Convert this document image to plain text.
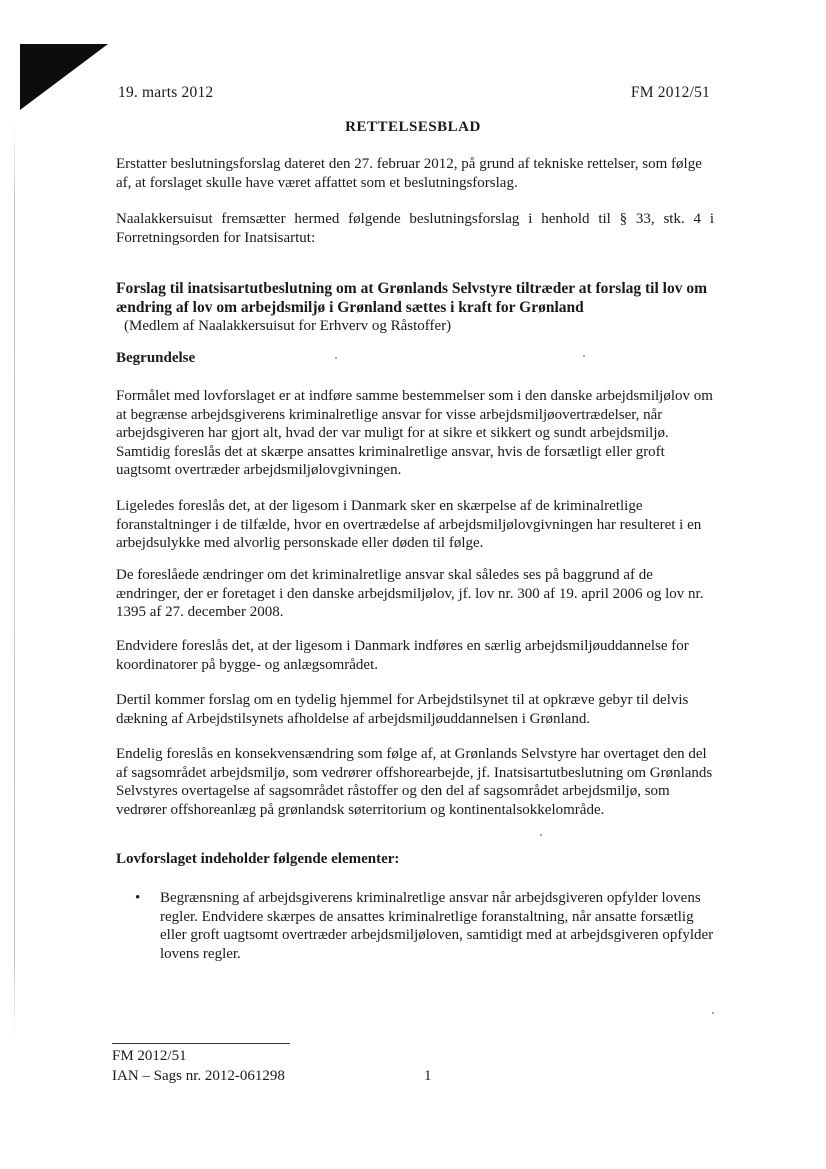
19. marts 2012	FM 2012/51
RETTELSESBLAD

Erstatter beslutningsforslag dateret den 27. februar 2012, på grund af tekniske rettelser, som følge af, at forslaget skulle have været affattet som et beslutningsforslag.

Naalakkersuisut fremsætter hermed følgende beslutningsforslag i henhold til § 33, stk. 4 i Forretningsorden for Inatsisartut:

Forslag til inatsisartutbeslutning om at Grønlands Selvstyre tiltræder at forslag til lov om ændring af lov om arbejdsmiljø i Grønland sættes i kraft for Grønland
(Medlem af Naalakkersuisut for Erhverv og Råstoffer)

Begrundelse

Formålet med lovforslaget er at indføre samme bestemmelser som i den danske arbejdsmiljølov om at begrænse arbejdsgiverens kriminalretlige ansvar for visse arbejdsmiljøovertrædelser, når arbejdsgiveren har gjort alt, hvad der var muligt for at sikre et sikkert og sundt arbejdsmiljø. Samtidig foreslås det at skærpe ansattes kriminalretlige ansvar, hvis de forsætligt eller groft uagtsomt overtræder arbejdsmiljølovgivningen.

Ligeledes foreslås det, at der ligesom i Danmark sker en skærpelse af de kriminalretlige foranstaltninger i de tilfælde, hvor en overtrædelse af arbejdsmiljølovgivningen har resulteret i en arbejdsulykke med alvorlig personskade eller døden til følge.

De foreslåede ændringer om det kriminalretlige ansvar skal således ses på baggrund af de ændringer, der er foretaget i den danske arbejdsmiljølov, jf. lov nr. 300 af 19. april 2006 og lov nr. 1395 af 27. december 2008.

Endvidere foreslås det, at der ligesom i Danmark indføres en særlig arbejdsmiljøuddannelse for koordinatorer på bygge- og anlægsområdet.

Dertil kommer forslag om en tydelig hjemmel for Arbejdstilsynet til at opkræve gebyr til delvis dækning af Arbejdstilsynets afholdelse af arbejdsmiljøuddannelsen i Grønland.

Endelig foreslås en konsekvensændring som følge af, at Grønlands Selvstyre har overtaget den del af sagsområdet arbejdsmiljø, som vedrører offshorearbejde, jf. Inatsisartutbeslutning om Grønlands Selvstyres overtagelse af sagsområdet råstoffer og den del af sagsområdet arbejdsmiljø, som vedrører offshoreanlæg på grønlandsk søterritorium og kontinentalsokkelområde.

Lovforslaget indeholder følgende elementer:

• Begrænsning af arbejdsgiverens kriminalretlige ansvar når arbejdsgiveren opfylder lovens regler. Endvidere skærpes de ansattes kriminalretlige foranstaltning, når ansatte forsætlig eller groft uagtsomt overtræder arbejdsmiljøloven, samtidigt med at arbejdsgiveren opfylder lovens regler.
FM 2012/51
IAN – Sags nr. 2012-061298	1
